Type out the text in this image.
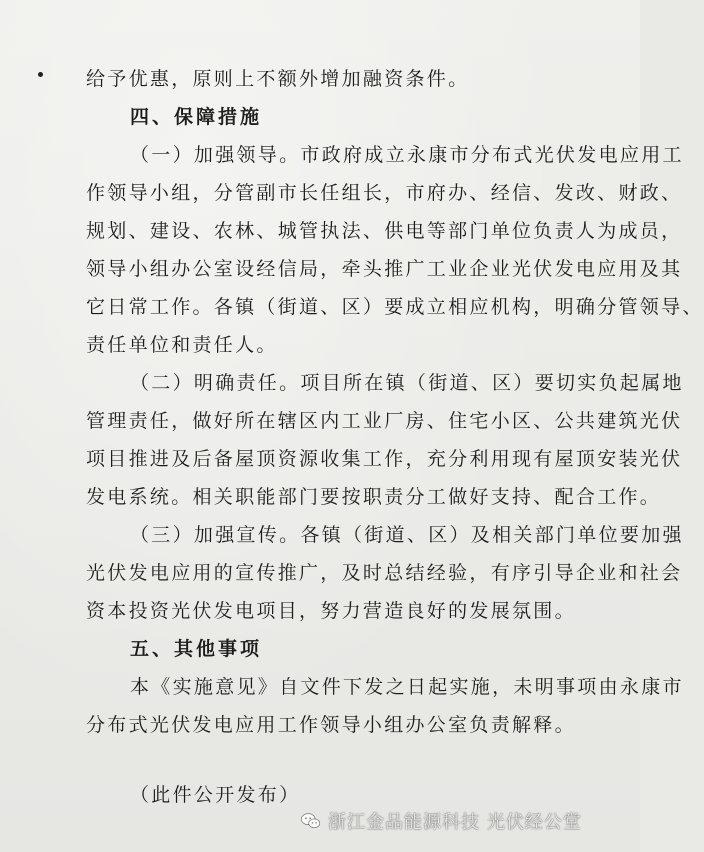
给予优惠，原则上不额外增加融资条件。
四、保障措施
（一）加强领导。市政府成立永康市分布式光伏发电应用工
作领导小组，分管副市长任组长，市府办、经信、发改、财政、
规划、建设、农林、城管执法、供电等部门单位负责人为成员，
领导小组办公室设经信局，牵头推广工业企业光伏发电应用及其
它日常工作。各镇（街道、区）要成立相应机构，明确分管领导、
责任单位和责任人。
（二）明确责任。项目所在镇（街道、区）要切实负起属地
管理责任，做好所在辖区内工业厂房、住宅小区、公共建筑光伏
项目推进及后备屋顶资源收集工作，充分利用现有屋顶安装光伏
发电系统。相关职能部门要按职责分工做好支持、配合工作。
（三）加强宣传。各镇（街道、区）及相关部门单位要加强
光伏发电应用的宣传推广，及时总结经验，有序引导企业和社会
资本投资光伏发电项目，努力营造良好的发展氛围。
五、其他事项
本《实施意见》自文件下发之日起实施，未明事项由永康市
分布式光伏发电应用工作领导小组办公室负责解释。
（此件公开发布）
浙江金品能源科技 光伏经公堂
